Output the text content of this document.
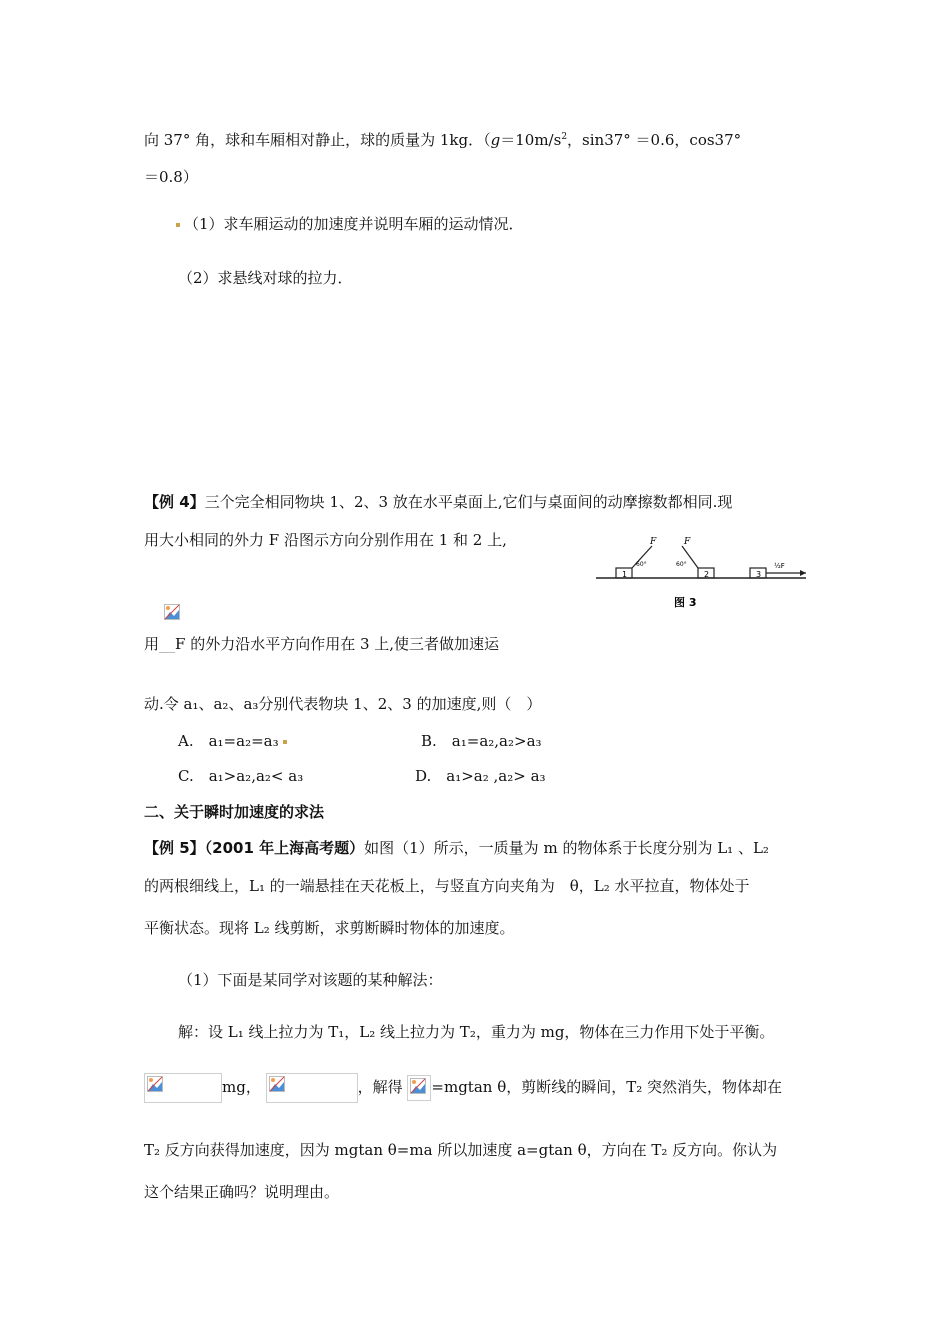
向 37° 角，球和车厢相对静止，球的质量为 1kg．（$g=10m/s^2$，sin37° ＝0.6，cos37°
＝0.8）
（1）求车厢运动的加速度并说明车厢的运动情况．
（2）求悬线对球的拉力．
【例 4】三个完全相同物块 1、2、3 放在水平桌面上,它们与桌面间的动摩擦数都相同.现
用大小相同的外力 F 沿图示方向分别作用在 1 和 2 上,
1
F
60°
2
F
60°
3
½F
图 3
用 F 的外力沿水平方向作用在 3 上,使三者做加速运
动.令 a₁、a₂、a₃分别代表物块 1、2、3 的加速度,则（　）
A.　a₁=a₂=a₃	B.　a₁=a₂,a₂>a₃
C.　a₁>a₂,a₂< a₃	D.　a₁>a₂ ,a₂> a₃
二、关于瞬时加速度的求法
【例 5】（2001 年上海高考题）如图（1）所示，一质量为 m 的物体系于长度分别为 L₁ 、L₂
的两根细线上，L₁ 的一端悬挂在天花板上，与竖直方向夹角为　θ，L₂ 水平拉直，物体处于
平衡状态。现将 L₂ 线剪断，求剪断瞬时物体的加速度。
（1）下面是某同学对该题的某种解法：
解：设 L₁ 线上拉力为 T₁，L₂ 线上拉力为 T₂，重力为 mg，物体在三力作用下处于平衡。
mg，	，解得 =mgtan θ，剪断线的瞬间，T₂ 突然消失，物体却在
T₂ 反方向获得加速度，因为 mgtan θ=ma 所以加速度 a=gtan θ，方向在 T₂ 反方向。你认为
这个结果正确吗？说明理由。
